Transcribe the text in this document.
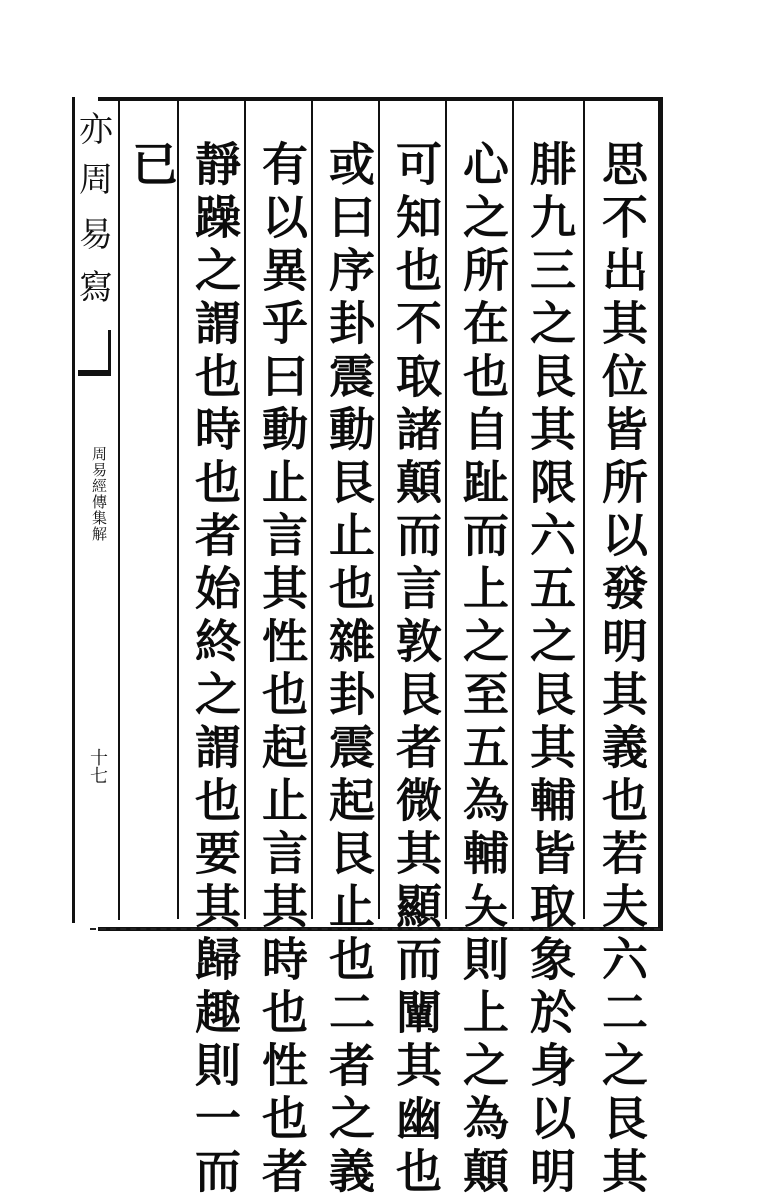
亦
周
易
寫
周易經傳集解
十七	思不出其位皆所以發明其義也若夫六二之艮其
腓九三之艮其限六五之艮其輔皆取象於身以明
心之所在也自趾而上之至五為輔夨則上之為顛
可知也不取諸顛而言敦艮者微其顯而闡其幽也
或曰序卦震動艮止也雜卦震起艮止也二者之義
有以異乎曰動止言其性也起止言其時也性也者
靜躁之謂也時也者始終之謂也要其歸趣則一而
已
